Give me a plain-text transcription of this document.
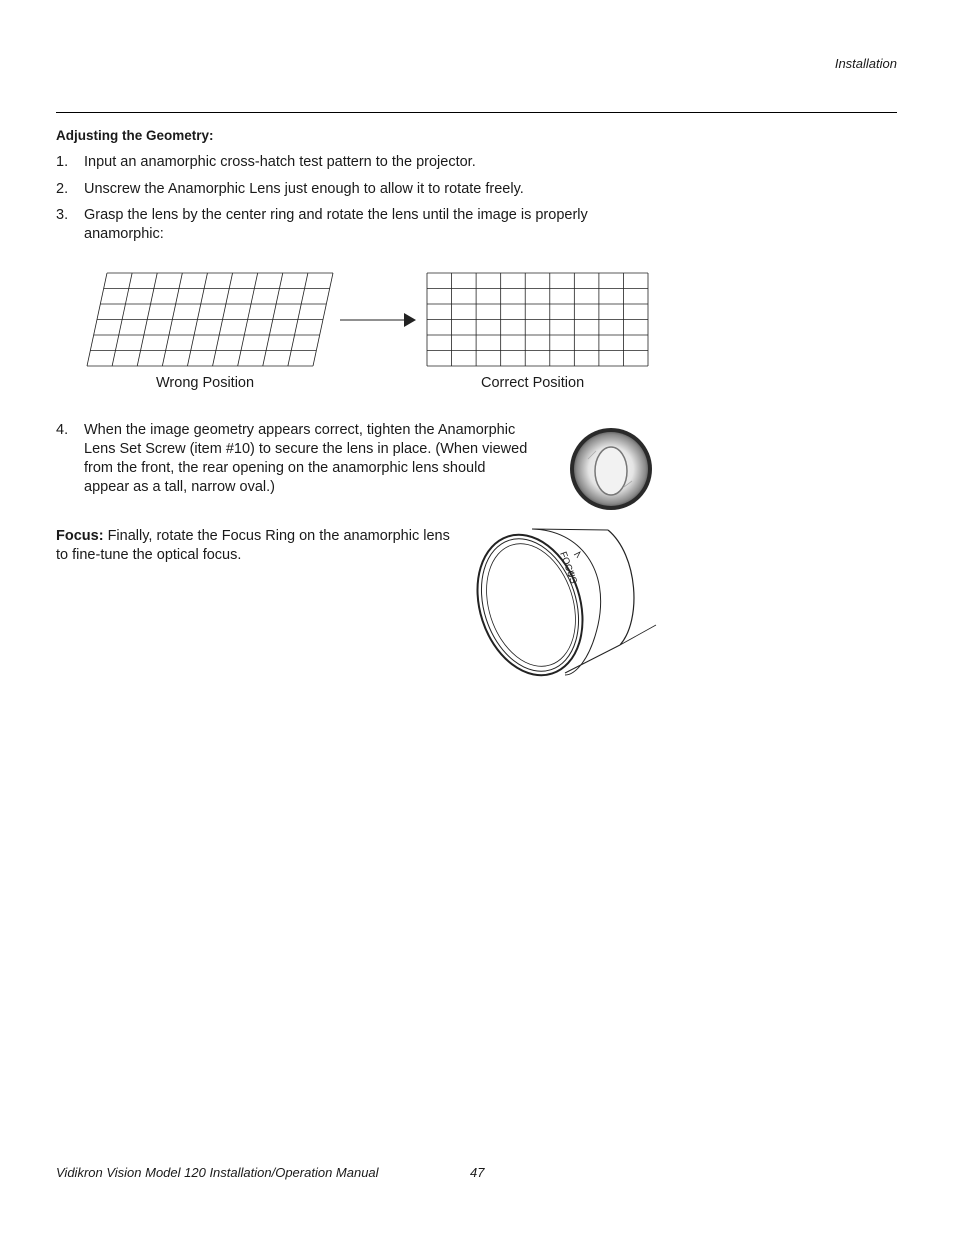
Installation
Adjusting the Geometry:
1.	Input an anamorphic cross-hatch test pattern to the projector.
2.	Unscrew the Anamorphic Lens just enough to allow it to rotate freely.
3.	Grasp the lens by the center ring and rotate the lens until the image is properly
anamorphic:
Wrong Position	Correct Position
4.	When the image geometry appears correct, tighten the Anamorphic
Lens Set Screw (item #10) to secure the lens in place. (When viewed
from the front, the rear opening on the anamorphic lens should
appear as a tall, narrow oval.)
Focus: Finally, rotate the Focus Ring on the anamorphic lens
to fine-tune the optical focus.	FOCUS
Vidikron Vision Model 120 Installation/Operation Manual	47
